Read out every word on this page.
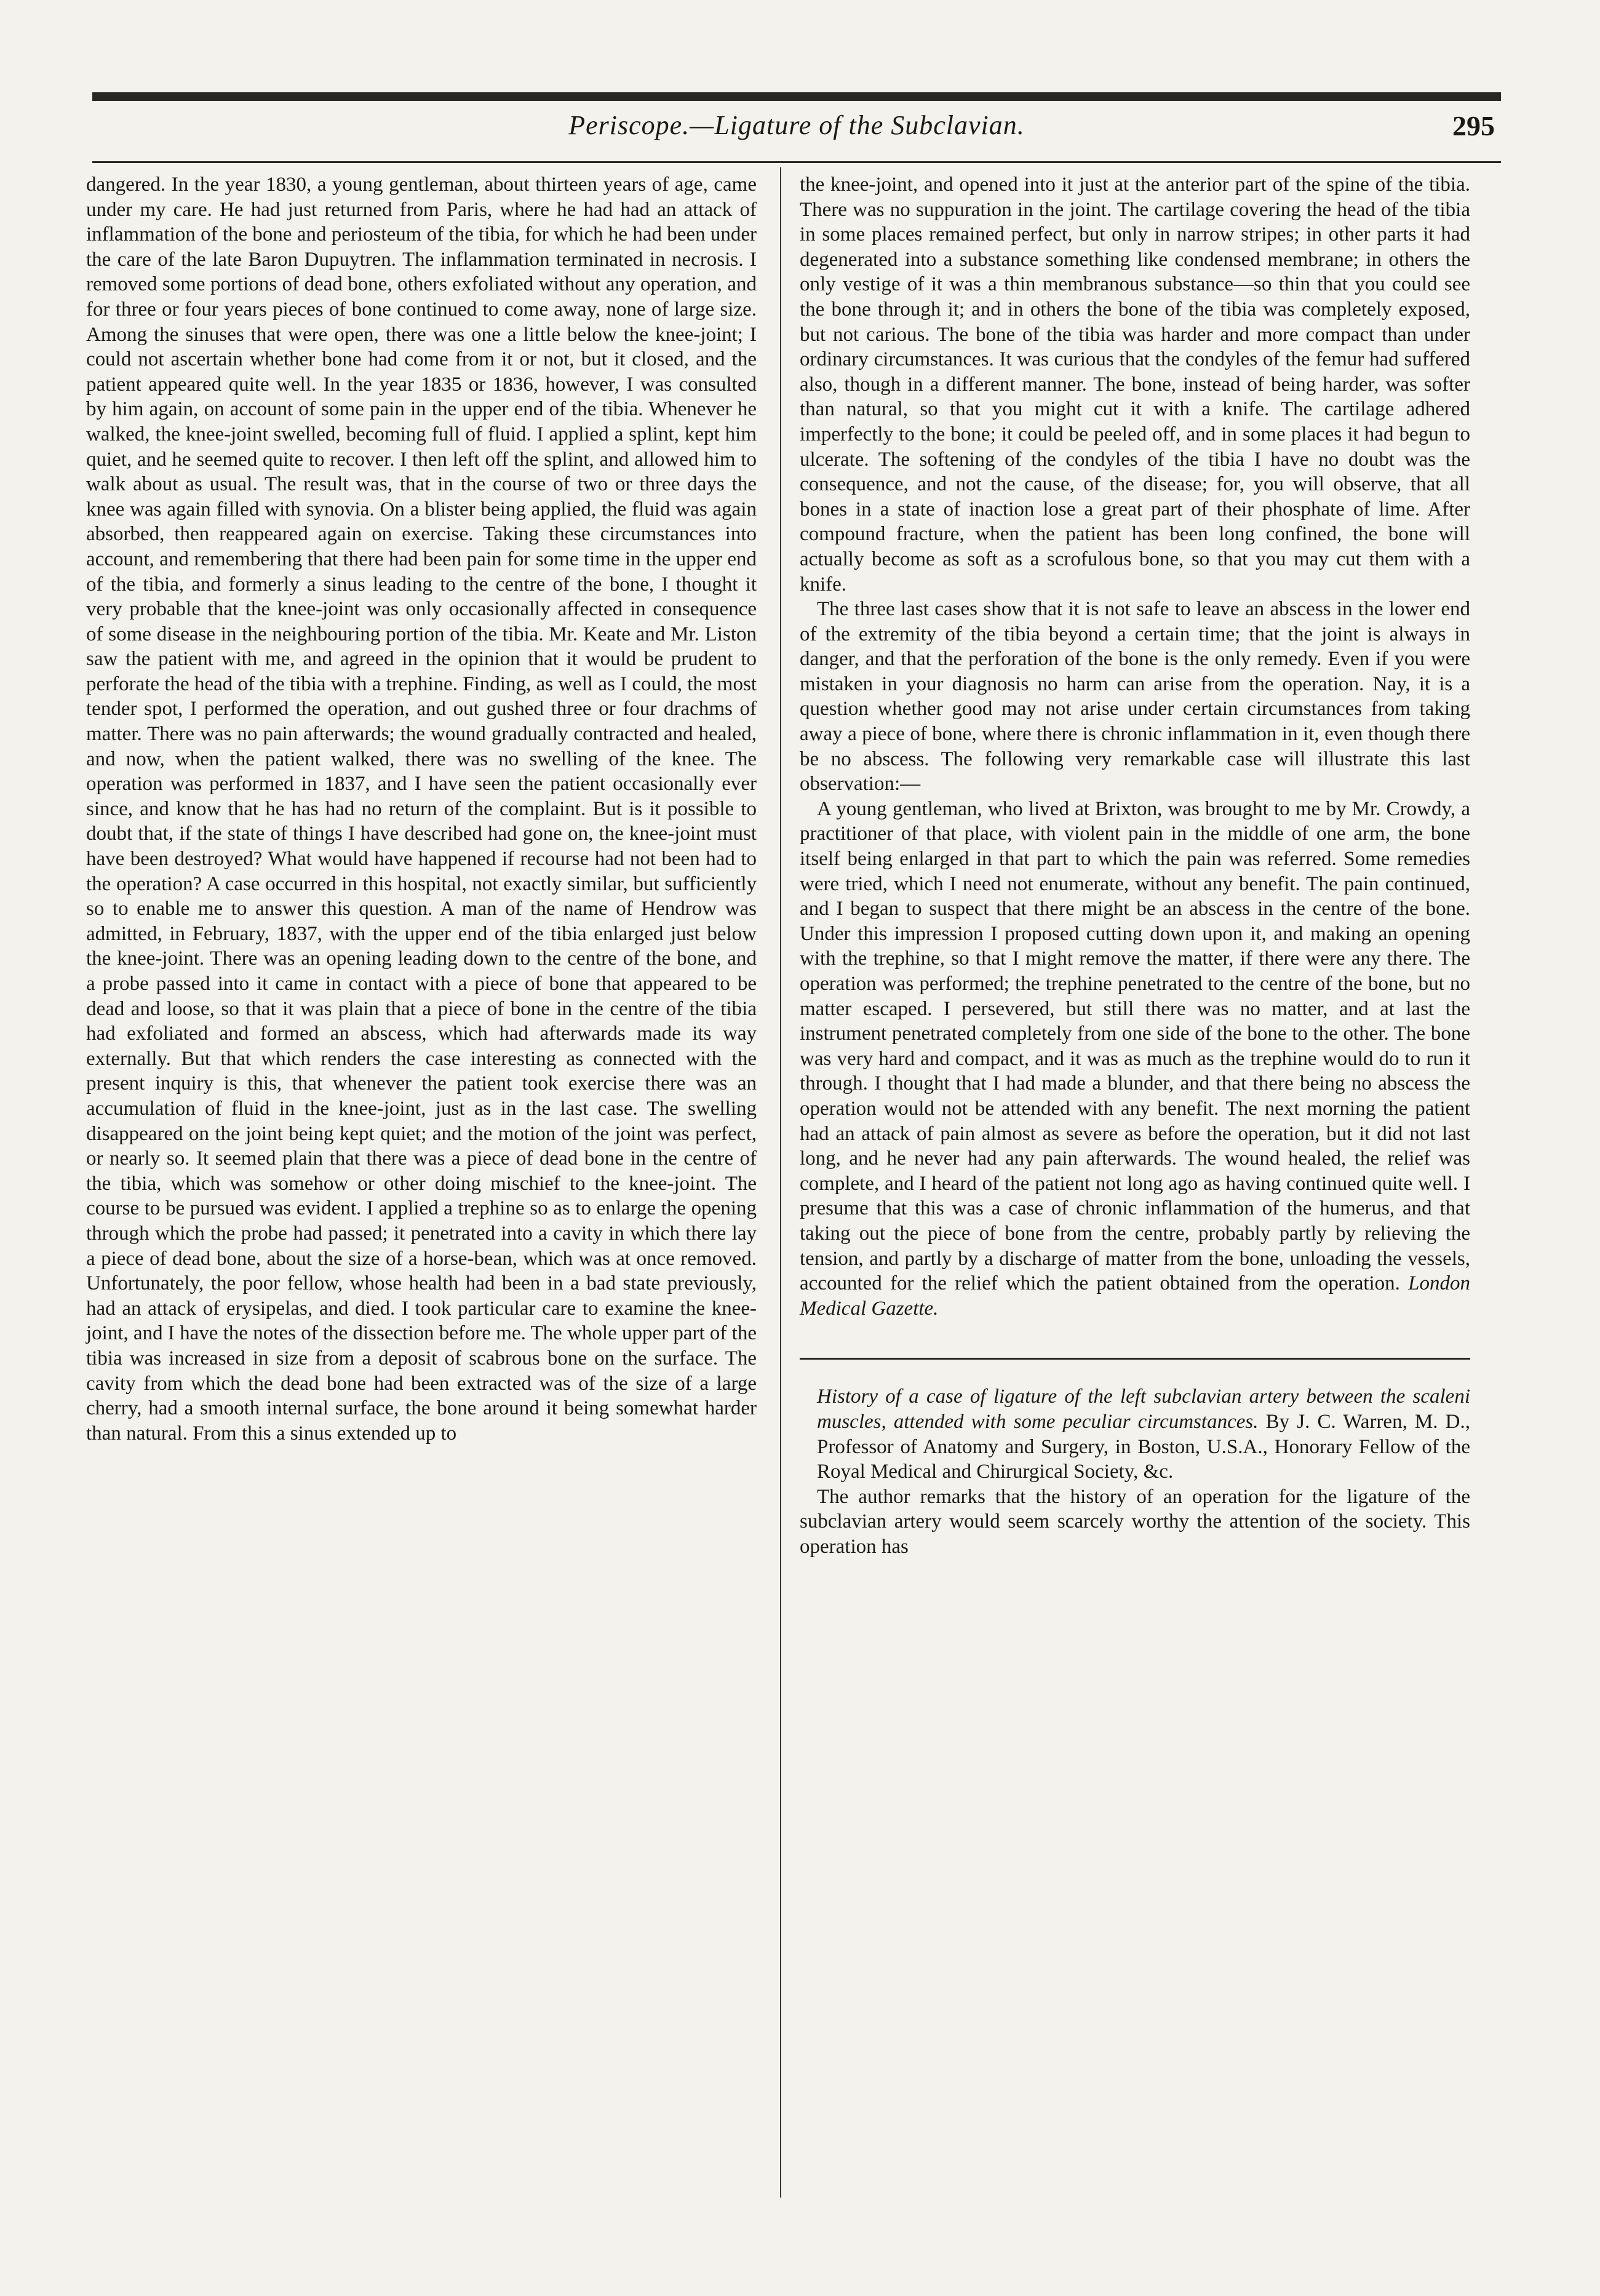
Periscope.—Ligature of the Subclavian.	295

dangered. In the year 1830, a young gentleman, about thirteen years of age, came under my care. He had just returned from Paris, where he had had an attack of inflammation of the bone and periosteum of the tibia, for which he had been under the care of the late Baron Dupuytren. The inflammation terminated in necrosis. I removed some portions of dead bone, others exfoliated without any operation, and for three or four years pieces of bone continued to come away, none of large size. Among the sinuses that were open, there was one a little below the knee-joint; I could not ascertain whether bone had come from it or not, but it closed, and the patient appeared quite well. In the year 1835 or 1836, however, I was consulted by him again, on account of some pain in the upper end of the tibia. Whenever he walked, the knee-joint swelled, becoming full of fluid. I applied a splint, kept him quiet, and he seemed quite to recover. I then left off the splint, and allowed him to walk about as usual. The result was, that in the course of two or three days the knee was again filled with synovia. On a blister being applied, the fluid was again absorbed, then reappeared again on exercise. Taking these circumstances into account, and remembering that there had been pain for some time in the upper end of the tibia, and formerly a sinus leading to the centre of the bone, I thought it very probable that the knee-joint was only occasionally affected in consequence of some disease in the neighbouring portion of the tibia. Mr. Keate and Mr. Liston saw the patient with me, and agreed in the opinion that it would be prudent to perforate the head of the tibia with a trephine. Finding, as well as I could, the most tender spot, I performed the operation, and out gushed three or four drachms of matter. There was no pain afterwards; the wound gradually contracted and healed, and now, when the patient walked, there was no swelling of the knee. The operation was performed in 1837, and I have seen the patient occasionally ever since, and know that he has had no return of the complaint. But is it possible to doubt that, if the state of things I have described had gone on, the knee-joint must have been destroyed? What would have happened if recourse had not been had to the operation? A case occurred in this hospital, not exactly similar, but sufficiently so to enable me to answer this question. A man of the name of Hendrow was admitted, in February, 1837, with the upper end of the tibia enlarged just below the knee-joint. There was an opening leading down to the centre of the bone, and a probe passed into it came in contact with a piece of bone that appeared to be dead and loose, so that it was plain that a piece of bone in the centre of the tibia had exfoliated and formed an abscess, which had afterwards made its way externally. But that which renders the case interesting as connected with the present inquiry is this, that whenever the patient took exercise there was an accumulation of fluid in the knee-joint, just as in the last case. The swelling disappeared on the joint being kept quiet; and the motion of the joint was perfect, or nearly so. It seemed plain that there was a piece of dead bone in the centre of the tibia, which was somehow or other doing mischief to the knee-joint. The course to be pursued was evident. I applied a trephine so as to enlarge the opening through which the probe had passed; it penetrated into a cavity in which there lay a piece of dead bone, about the size of a horse-bean, which was at once removed. Unfortunately, the poor fellow, whose health had been in a bad state previously, had an attack of erysipelas, and died. I took particular care to examine the knee-joint, and I have the notes of the dissection before me. The whole upper part of the tibia was increased in size from a deposit of scabrous bone on the surface. The cavity from which the dead bone had been extracted was of the size of a large cherry, had a smooth internal surface, the bone around it being somewhat harder than natural. From this a sinus extended up to

the knee-joint, and opened into it just at the anterior part of the spine of the tibia. There was no suppuration in the joint. The cartilage covering the head of the tibia in some places remained perfect, but only in narrow stripes; in other parts it had degenerated into a substance something like condensed membrane; in others the only vestige of it was a thin membranous substance—so thin that you could see the bone through it; and in others the bone of the tibia was completely exposed, but not carious. The bone of the tibia was harder and more compact than under ordinary circumstances. It was curious that the condyles of the femur had suffered also, though in a different manner. The bone, instead of being harder, was softer than natural, so that you might cut it with a knife. The cartilage adhered imperfectly to the bone; it could be peeled off, and in some places it had begun to ulcerate. The softening of the condyles of the tibia I have no doubt was the consequence, and not the cause, of the disease; for, you will observe, that all bones in a state of inaction lose a great part of their phosphate of lime. After compound fracture, when the patient has been long confined, the bone will actually become as soft as a scrofulous bone, so that you may cut them with a knife.

The three last cases show that it is not safe to leave an abscess in the lower end of the extremity of the tibia beyond a certain time; that the joint is always in danger, and that the perforation of the bone is the only remedy. Even if you were mistaken in your diagnosis no harm can arise from the operation. Nay, it is a question whether good may not arise under certain circumstances from taking away a piece of bone, where there is chronic inflammation in it, even though there be no abscess. The following very remarkable case will illustrate this last observation:—

A young gentleman, who lived at Brixton, was brought to me by Mr. Crowdy, a practitioner of that place, with violent pain in the middle of one arm, the bone itself being enlarged in that part to which the pain was referred. Some remedies were tried, which I need not enumerate, without any benefit. The pain continued, and I began to suspect that there might be an abscess in the centre of the bone. Under this impression I proposed cutting down upon it, and making an opening with the trephine, so that I might remove the matter, if there were any there. The operation was performed; the trephine penetrated to the centre of the bone, but no matter escaped. I persevered, but still there was no matter, and at last the instrument penetrated completely from one side of the bone to the other. The bone was very hard and compact, and it was as much as the trephine would do to run it through. I thought that I had made a blunder, and that there being no abscess the operation would not be attended with any benefit. The next morning the patient had an attack of pain almost as severe as before the operation, but it did not last long, and he never had any pain afterwards. The wound healed, the relief was complete, and I heard of the patient not long ago as having continued quite well. I presume that this was a case of chronic inflammation of the humerus, and that taking out the piece of bone from the centre, probably partly by relieving the tension, and partly by a discharge of matter from the bone, unloading the vessels, accounted for the relief which the patient obtained from the operation. London Medical Gazette.

History of a case of ligature of the left subclavian artery between the scaleni muscles, attended with some peculiar circumstances. By J. C. Warren, M. D., Professor of Anatomy and Surgery, in Boston, U.S.A., Honorary Fellow of the Royal Medical and Chirurgical Society, &c.

The author remarks that the history of an operation for the ligature of the subclavian artery would seem scarcely worthy the attention of the society. This operation has
